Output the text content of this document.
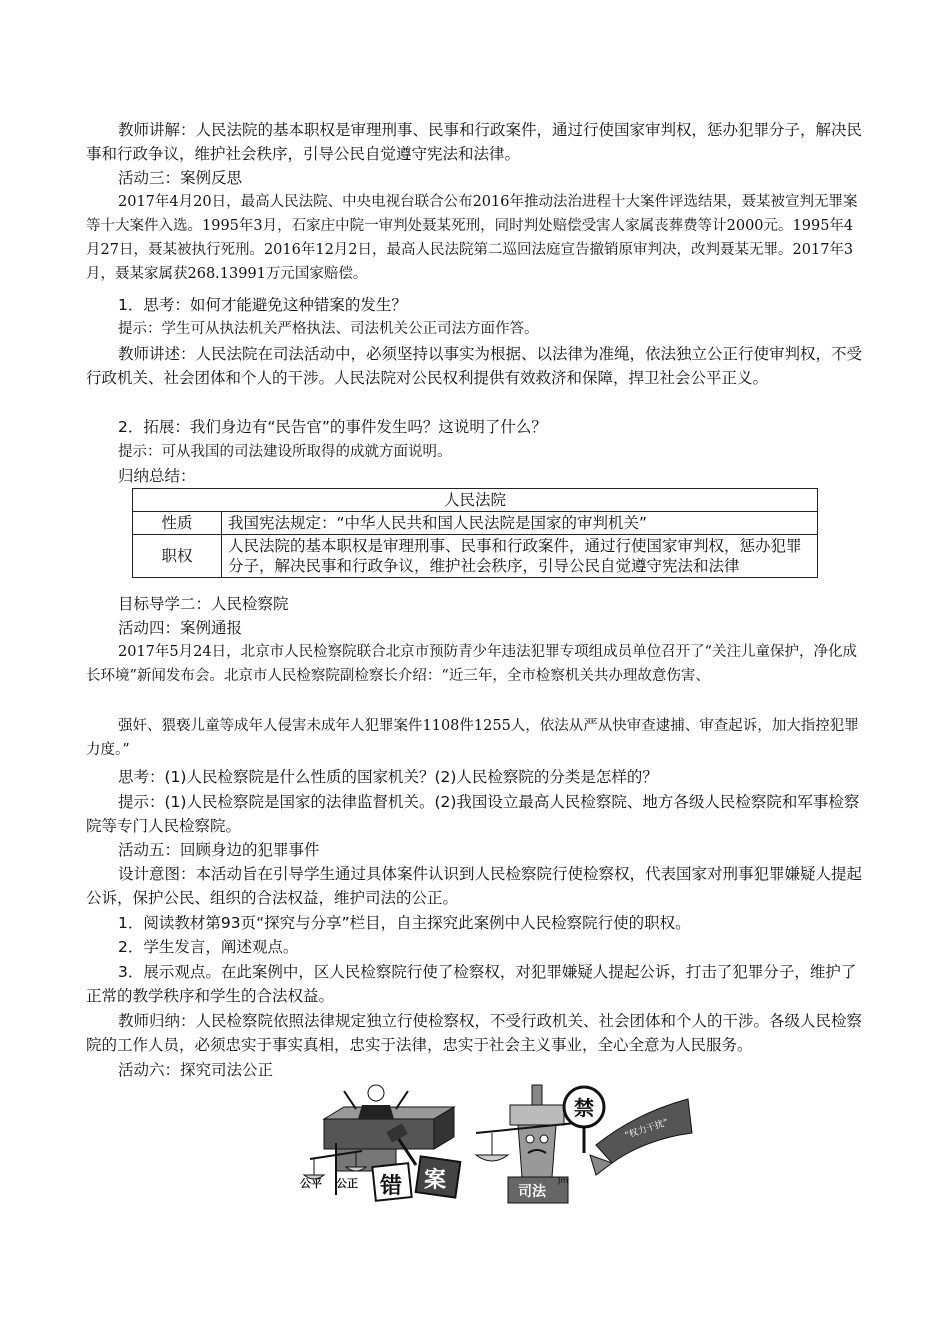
教师讲解：人民法院的基本职权是审理刑事、民事和行政案件，通过行使国家审判权，惩办犯罪分子，解决民事和行政争议，维护社会秩序，引导公民自觉遵守宪法和法律。

活动三：案例反思

2017年4月20日，最高人民法院、中央电视台联合公布2016年推动法治进程十大案件评选结果，聂某被宣判无罪案等十大案件入选。1995年3月，石家庄中院一审判处聂某死刑，同时判处赔偿受害人家属丧葬费等计2000元。1995年4月27日，聂某被执行死刑。2016年12月2日，最高人民法院第二巡回法庭宣告撤销原审判决，改判聂某无罪。2017年3月，聂某家属获268.13991万元国家赔偿。

1．思考：如何才能避免这种错案的发生？

提示：学生可从执法机关严格执法、司法机关公正司法方面作答。

教师讲述：人民法院在司法活动中，必须坚持以事实为根据、以法律为准绳，依法独立公正行使审判权，不受行政机关、社会团体和个人的干涉。人民法院对公民权利提供有效救济和保障，捍卫社会公平正义。

2．拓展：我们身边有“民告官”的事件发生吗？这说明了什么？

提示：可从我国的司法建设所取得的成就方面说明。

归纳总结：

人民法院	
性质	我国宪法规定：“中华人民共和国人民法院是国家的审判机关”
职权	人民法院的基本职权是审理刑事、民事和行政案件，通过行使国家审判权，惩办犯罪分子，解决民事和行政争议，维护社会秩序，引导公民自觉遵守宪法和法律

目标导学二：人民检察院

活动四：案例通报

2017年5月24日，北京市人民检察院联合北京市预防青少年违法犯罪专项组成员单位召开了“关注儿童保护，净化成长环境”新闻发布会。北京市人民检察院副检察长介绍：“近三年，全市检察机关共办理故意伤害、

强奸、猥亵儿童等成年人侵害未成年人犯罪案件1108件1255人，依法从严从快审查逮捕、审查起诉，加大指控犯罪力度。”

思考：(1)人民检察院是什么性质的国家机关？(2)人民检察院的分类是怎样的？

提示：(1)人民检察院是国家的法律监督机关。(2)我国设立最高人民检察院、地方各级人民检察院和军事检察院等专门人民检察院。

活动五：回顾身边的犯罪事件

设计意图：本活动旨在引导学生通过具体案件认识到人民检察院行使检察权，代表国家对刑事犯罪嫌疑人提起公诉，保护公民、组织的合法权益，维护司法的公正。

1．阅读教材第93页“探究与分享”栏目，自主探究此案例中人民检察院行使的职权。

2．学生发言，阐述观点。

3．展示观点。在此案例中，区人民检察院行使了检察权，对犯罪嫌疑人提起公诉，打击了犯罪分子，维护了正常的教学秩序和学生的合法权益。

教师归纳：人民检察院依照法律规定独立行使检察权，不受行政机关、社会团体和个人的干涉。各级人民检察院的工作人员，必须忠实于事实真相，忠实于法律，忠实于社会主义事业，全心全意为人民服务。

活动六：探究司法公正

公平 公正 错 案	司法
Jm
禁
“权力干扰”
